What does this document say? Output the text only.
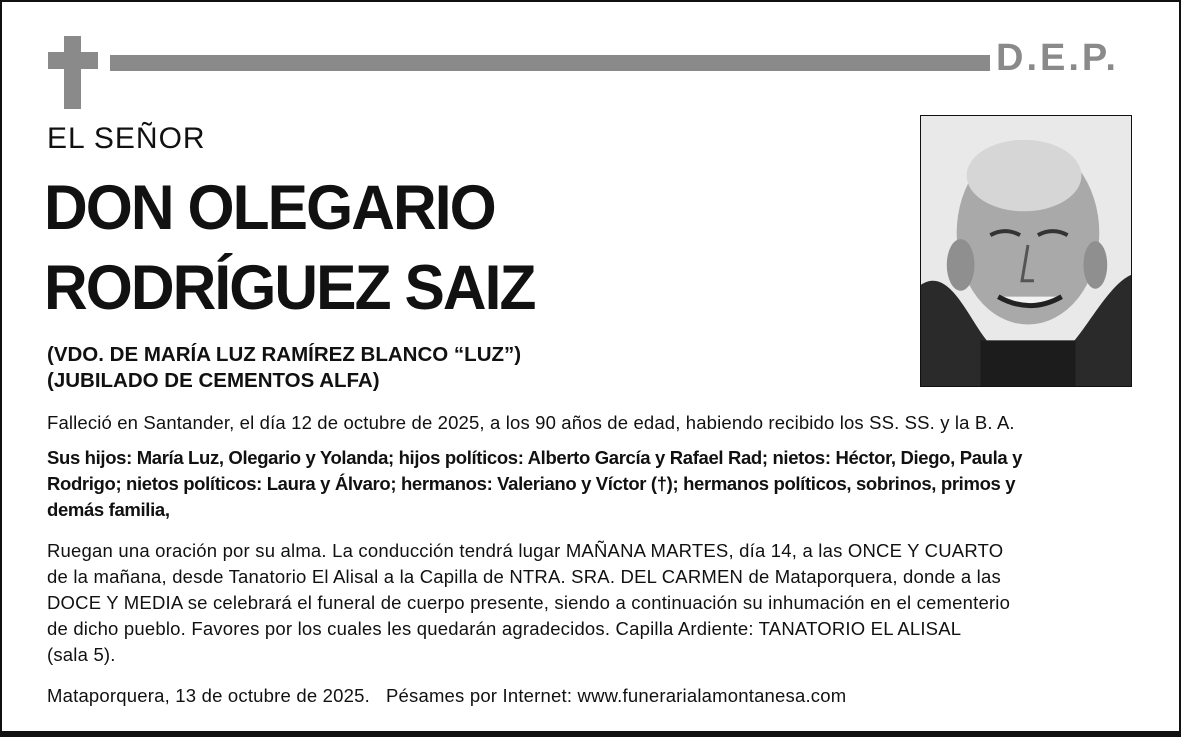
D.E.P.
EL SEÑOR
DON OLEGARIO
RODRÍGUEZ SAIZ
(VDO. DE MARÍA LUZ RAMÍREZ BLANCO “LUZ”)
(JUBILADO DE CEMENTOS ALFA)
Falleció en Santander, el día 12 de octubre de 2025, a los 90 años de edad, habiendo recibido los SS. SS. y la B. A.
Sus hijos: María Luz, Olegario y Yolanda; hijos políticos: Alberto García y Rafael Rad; nietos: Héctor, Diego, Paula y
Rodrigo; nietos políticos: Laura y Álvaro; hermanos: Valeriano y Víctor (†); hermanos políticos, sobrinos, primos y
demás familia,
Ruegan una oración por su alma. La conducción tendrá lugar MAÑANA MARTES, día 14, a las ONCE Y CUARTO
de la mañana, desde Tanatorio El Alisal a la Capilla de NTRA. SRA. DEL CARMEN de Mataporquera, donde a las
DOCE Y MEDIA se celebrará el funeral de cuerpo presente, siendo a continuación su inhumación en el cementerio
de dicho pueblo. Favores por los cuales les quedarán agradecidos. Capilla Ardiente: TANATORIO EL ALISAL
(sala 5).
Mataporquera, 13 de octubre de 2025.   Pésames por Internet: www.funerarialamontanesa.com
